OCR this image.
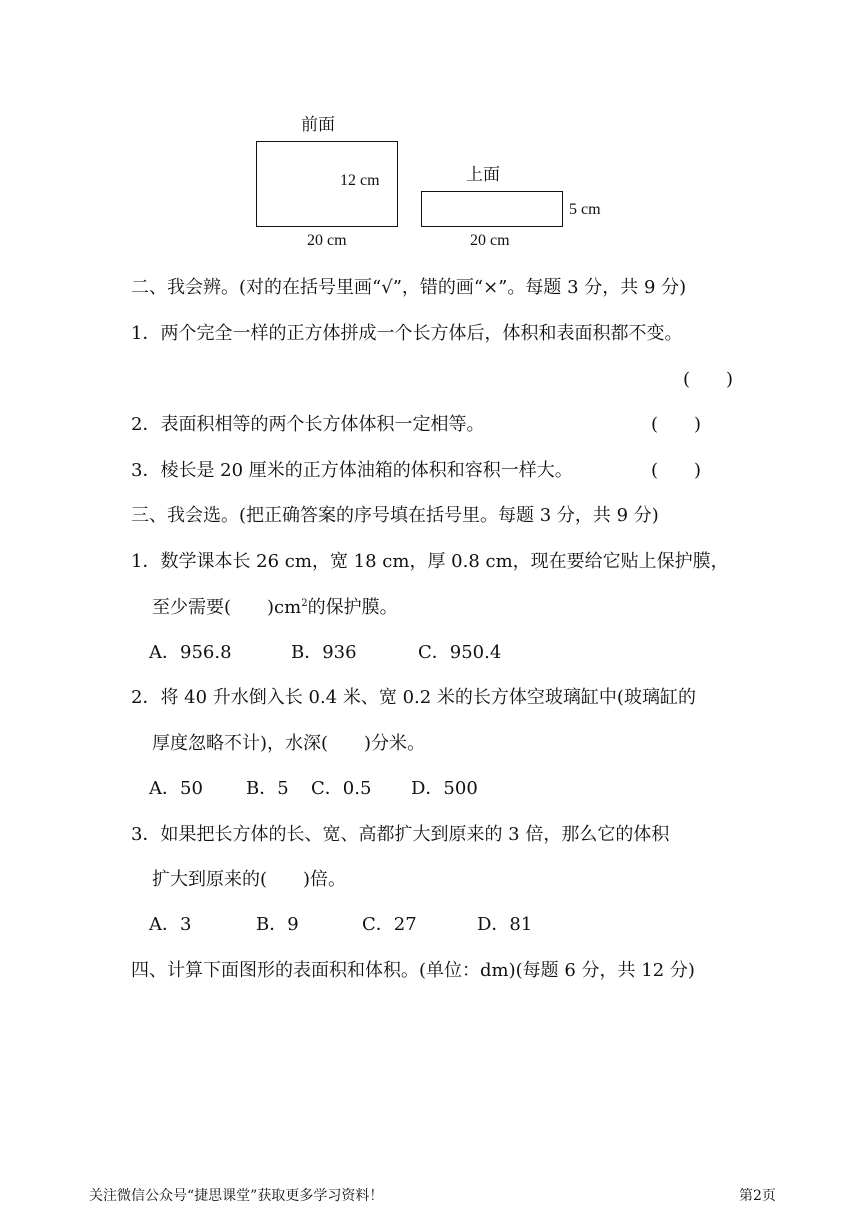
前面
12 cm
20 cm
上面
5 cm
20 cm
二、我会辨。(对的在括号里画“√”，错的画“×”。每题 3 分，共 9 分)
1．两个完全一样的正方体拼成一个长方体后，体积和表面积都不变。
(　　)
2．表面积相等的两个长方体体积一定相等。	(　　)
3．棱长是 20 厘米的正方体油箱的体积和容积一样大。	(　　)
三、我会选。(把正确答案的序号填在括号里。每题 3 分，共 9 分)
1．数学课本长 26 cm，宽 18 cm，厚 0.8 cm，现在要给它贴上保护膜，
至少需要(　　)$cm^2$的保护膜。
A．956.8	B．936	C．950.4
2．将 40 升水倒入长 0.4 米、宽 0.2 米的长方体空玻璃缸中(玻璃缸的
厚度忽略不计)，水深(　　)分米。
A．50 B．5 C．0.5 D．500
3．如果把长方体的长、宽、高都扩大到原来的 3 倍，那么它的体积
扩大到原来的(　　)倍。
A．3	B．9	C．27	D．81
四、计算下面图形的表面积和体积。(单位：dm)(每题 6 分，共 12 分)
关注微信公众号“捷思课堂”获取更多学习资料！	第2页
